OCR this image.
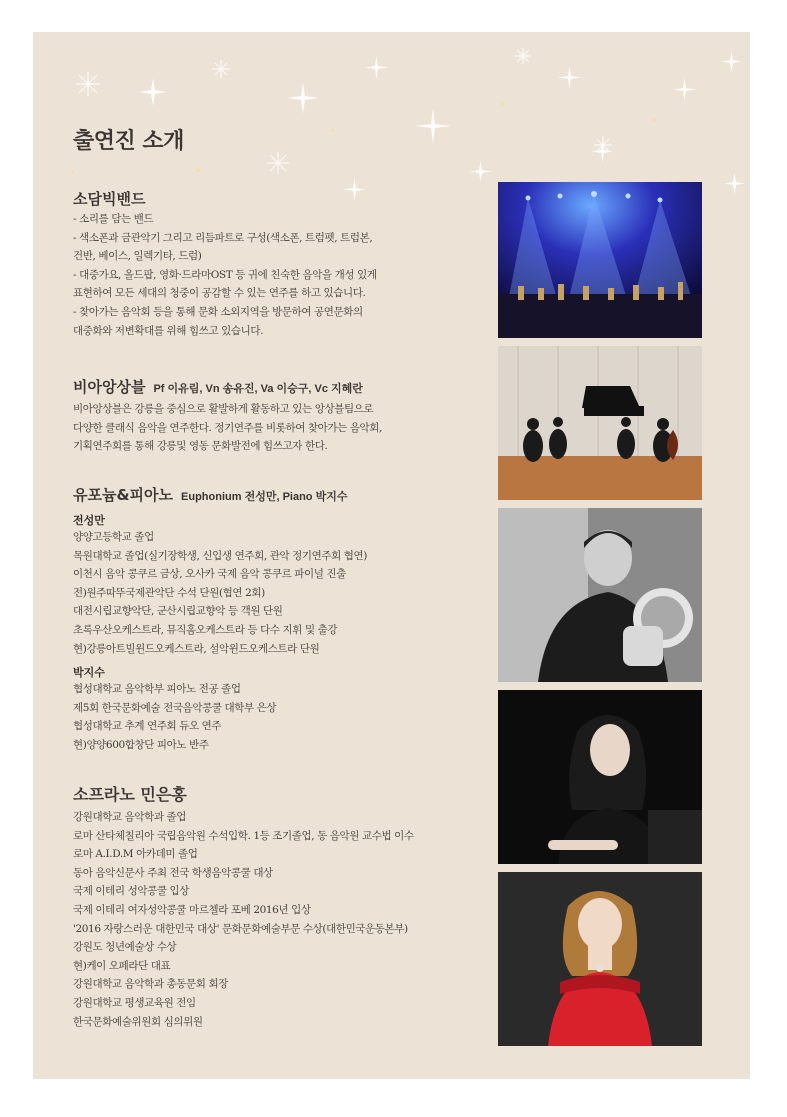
출연진 소개
소담빅밴드
- 소리를 담는 밴드
- 색소폰과 금관악기 그리고 리듬파트로 구성(색소폰, 트럼펫, 트럼본,
건반, 베이스, 일렉기타, 드럼)
- 대중가요, 올드팝, 영화·드라마OST 등 귀에 친숙한 음악을 개성 있게
표현하여 모든 세대의 청중이 공감할 수 있는 연주를 하고 있습니다.
- 찾아가는 음악회 등을 통해 문화 소외지역을 방문하여 공연문화의
대중화와 저변확대를 위해 힘쓰고 있습니다.
비아앙상블 Pf 이유림, Vn 송유진, Va 이승구, Vc 지혜란

비아앙상블은 강릉을 중심으로 활발하게 활동하고 있는 앙상블팀으로

다양한 클래식 음악을 연주한다. 정기연주를 비롯하여 찾아가는 음악회,

기획연주회를 통해 강릉및 영동 문화발전에 힘쓰고자 한다.

유포늄&피아노 Euphonium 전성만, Piano 박지수
전성만

양양고등학교 졸업

목원대학교 졸업(실기장학생, 신입생 연주회, 관악 정기연주회 협연)

이천시 음악 콩쿠르 금상, 오사카 국제 음악 콩쿠르 파이널 진출

전)원주따뚜국제관악단 수석 단원(협연 2회)

대전시립교향악단, 군산시립교향악 등 객원 단원

초록우산오케스트라, 뮤직홈오케스트라 등 다수 지휘 및 출강

현)강릉아트빌윈드오케스트라, 설악윈드오케스트라 단원

박지수

협성대학교 음악학부 피아노 전공 졸업

제5회 한국문화예술 전국음악콩쿨 대학부 은상

협성대학교 추계 연주회 듀오 연주

현)양양600합창단 피아노 반주

소프라노 민은홍

강원대학교 음악학과 졸업

로마 산타체칠리아 국립음악원 수석입학. 1등 조기졸업, 동 음악원 교수법 이수

로마 A.I.D.M 아카데미 졸업

동아 음악신문사 주최 전국 학생음악콩쿨 대상

국제 이테리 성악콩쿨 입상

국제 이테리 여자성악콩쿨 마르첼라 포베 2016년 입상

'2016 자랑스러운 대한민국 대상' 문화문화예술부문 수상(대한민국운동본부)

강원도 청년예술상 수상

현)케이 오페라단 대표

강원대학교 음악학과 총동문회 회장

강원대학교 평생교육원 전임

한국문화예술위원회 심의위원
